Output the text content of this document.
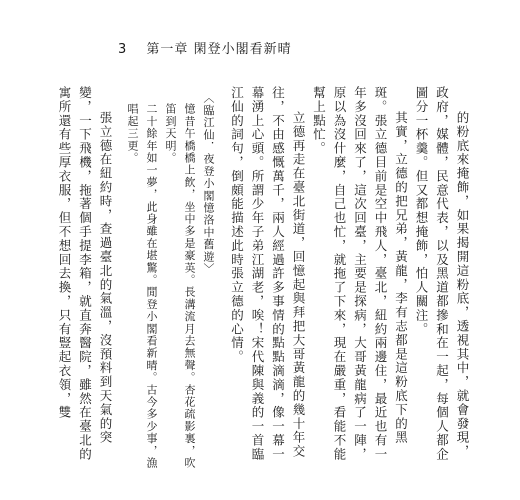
3 第一章 閑登小閣看新晴

的粉底來掩飾，如果揭開這粉底，透視其中，就會發現，政府，媒體，民意代表，以及黑道都摻和在一起，每個人都企圖分一杯羹。但又都想掩飾，怕人關注。

其實，立德的把兄弟，黃龍，李有志都是這粉底下的黑斑。張立德目前是空中飛人，臺北，紐約兩邊住，最近也有一年多沒回來了，這次回臺，主要是探病，大哥黃龍病了一陣，原以為沒什麼，自己也忙，就拖了下來，現在嚴重，看能不能幫上點忙。

立德再走在臺北街道，回憶起與拜把大哥黃龍的幾十年交往，不由感慨萬千，兩人經過許多事情的點點滴滴，像一幕一幕湧上心頭。所謂少年子弟江湖老，唉！宋代陳與義的一首臨江仙的詞句，倒頗能描述此時張立德的心情。

〈臨江仙．夜登小閣憶洛中舊遊〉

憶昔午橋橋上飲，坐中多是豪英。長溝流月去無聲。杏花疏影裏，吹笛到天明。

二十餘年如一夢，此身雖在堪驚。閒登小閣看新晴。古今多少事，漁唱起三更。

張立德在紐約時，查過臺北的氣溫，沒預料到天氣的突變，一下飛機，拖著個手提李箱，就直奔醫院，雖然在臺北的寓所還有些厚衣服，但不想回去換，只有豎起衣領，雙
